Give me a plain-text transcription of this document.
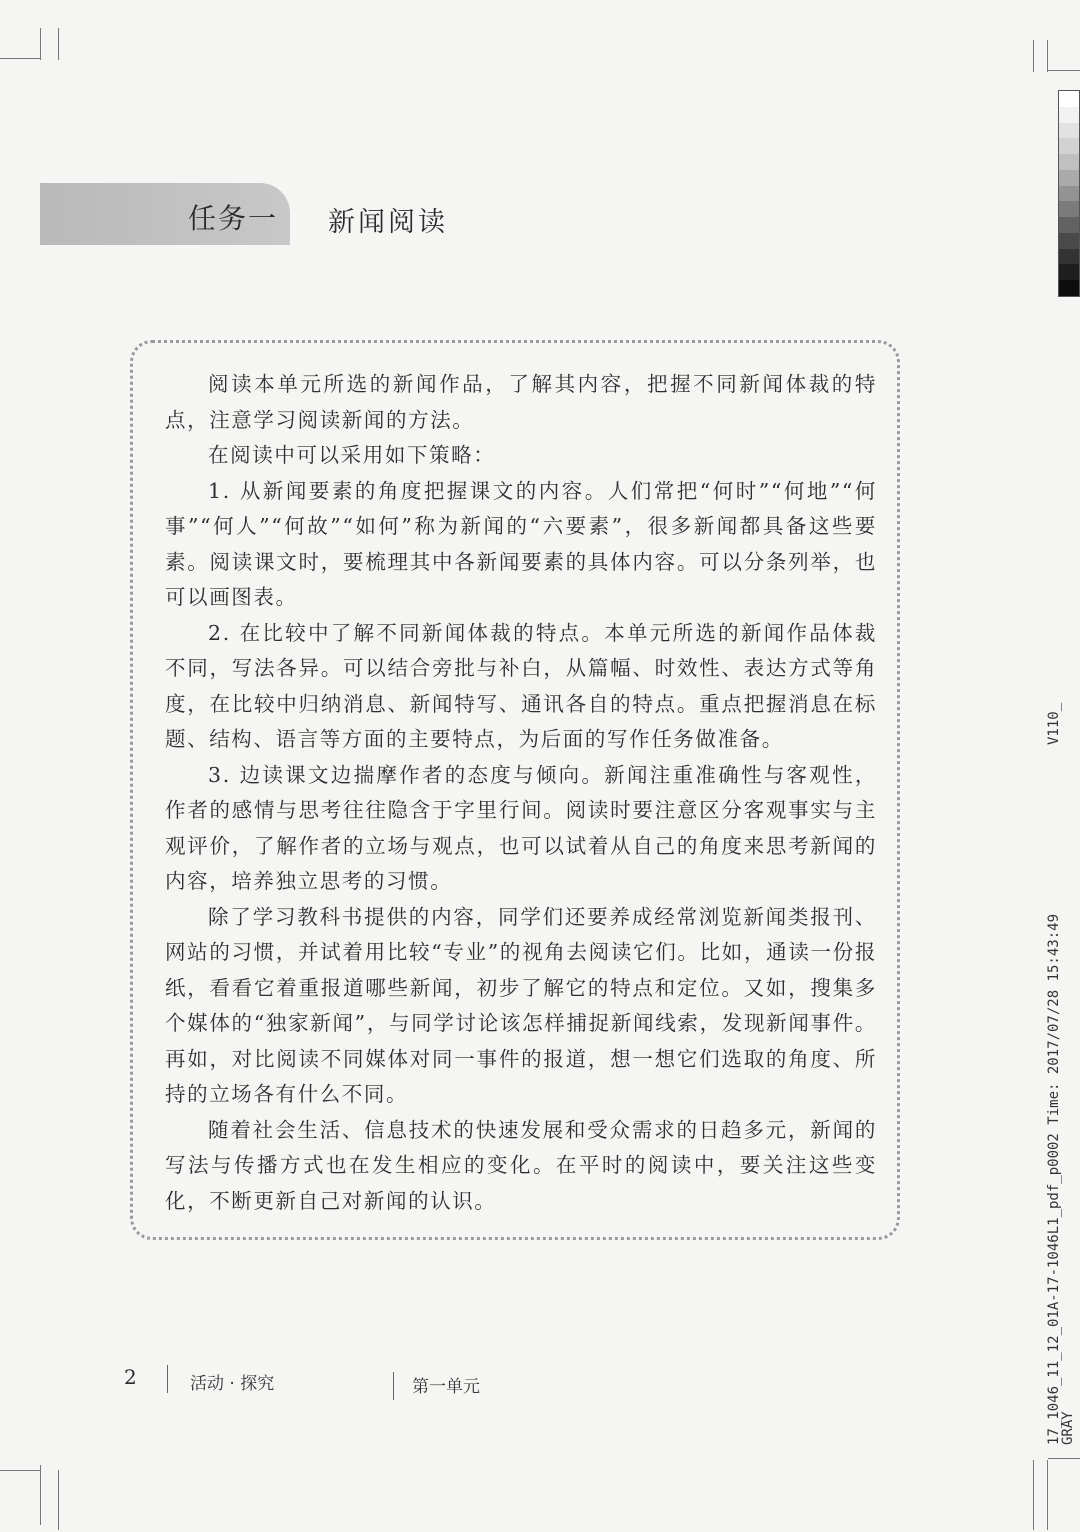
任务一 新闻阅读

阅读本单元所选的新闻作品，了解其内容，把握不同新闻体裁的特点，注意学习阅读新闻的方法。

在阅读中可以采用如下策略：

1. 从新闻要素的角度把握课文的内容。人们常把“何时”“何地”“何事”“何人”“何故”“如何”称为新闻的“六要素”，很多新闻都具备这些要素。阅读课文时，要梳理其中各新闻要素的具体内容。可以分条列举，也可以画图表。

2. 在比较中了解不同新闻体裁的特点。本单元所选的新闻作品体裁不同，写法各异。可以结合旁批与补白，从篇幅、时效性、表达方式等角度，在比较中归纳消息、新闻特写、通讯各自的特点。重点把握消息在标题、结构、语言等方面的主要特点，为后面的写作任务做准备。

3. 边读课文边揣摩作者的态度与倾向。新闻注重准确性与客观性，作者的感情与思考往往隐含于字里行间。阅读时要注意区分客观事实与主观评价，了解作者的立场与观点，也可以试着从自己的角度来思考新闻的内容，培养独立思考的习惯。

除了学习教科书提供的内容，同学们还要养成经常浏览新闻类报刊、网站的习惯，并试着用比较“专业”的视角去阅读它们。比如，通读一份报纸，看看它着重报道哪些新闻，初步了解它的特点和定位。又如，搜集多个媒体的“独家新闻”，与同学讨论该怎样捕捉新闻线索，发现新闻事件。再如，对比阅读不同媒体对同一事件的报道，想一想它们选取的角度、所持的立场各有什么不同。

随着社会生活、信息技术的快速发展和受众需求的日趋多元，新闻的写法与传播方式也在发生相应的变化。在平时的阅读中，要关注这些变化，不断更新自己对新闻的认识。

2	活动 · 探究	第一单元
V110_
17_1046_11_12_01A-17-1046L1_pdf_p0002 Time: 2017/07/28 15:43:49
GRAY
